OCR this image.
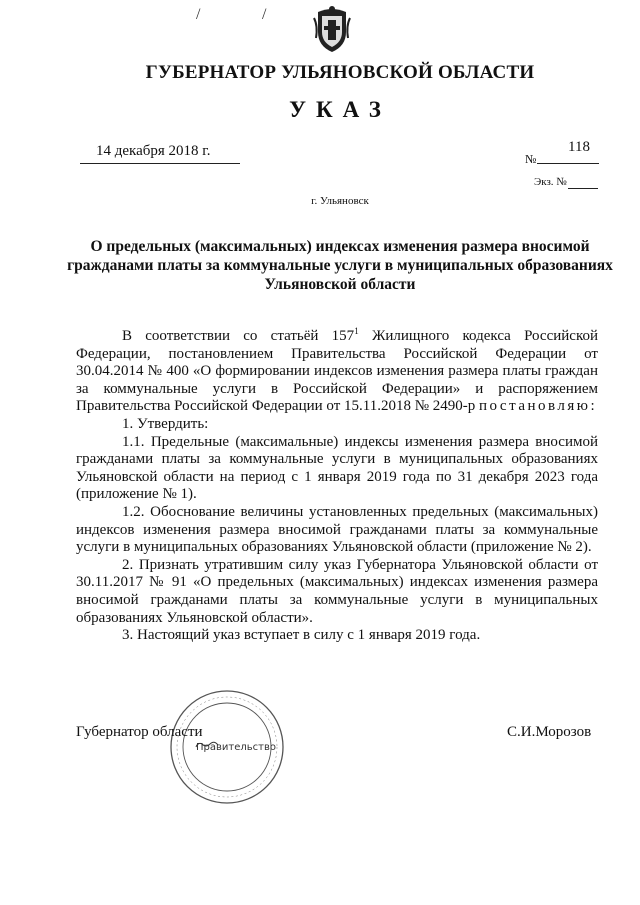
/	/
ГУБЕРНАТОР УЛЬЯНОВСКОЙ ОБЛАСТИ
УКАЗ
14 декабря 2018 г.	№
118
Экз. №
г. Ульяновск
О предельных (максимальных) индексах изменения размера вносимой гражданами платы за коммунальные услуги в муниципальных образованиях Ульяновской области

В соответствии со статьёй $157^1$ Жилищного кодекса Российской Федерации, постановлением Правительства Российской Федерации от 30.04.2014 № 400 «О формировании индексов изменения размера платы граждан за коммунальные услуги в Российской Федерации» и распоряжением Правительства Российской Федерации от 15.11.2018 № 2490-р постановляю:

1. Утвердить:

1.1. Предельные (максимальные) индексы изменения размера вносимой гражданами платы за коммунальные услуги в муниципальных образованиях Ульяновской области на период с 1 января 2019 года по 31 декабря 2023 года (приложение № 1).

1.2. Обоснование величины установленных предельных (максимальных) индексов изменения размера вносимой гражданами платы за коммунальные услуги в муниципальных образованиях Ульяновской области (приложение № 2).

2. Признать утратившим силу указ Губернатора Ульяновской области от 30.11.2017 № 91 «О предельных (максимальных) индексах изменения размера вносимой гражданами платы за коммунальные услуги в муниципальных образованиях Ульяновской области».

3. Настоящий указ вступает в силу с 1 января 2019 года.

Правительство
Губернатор области	С.И.Морозов
